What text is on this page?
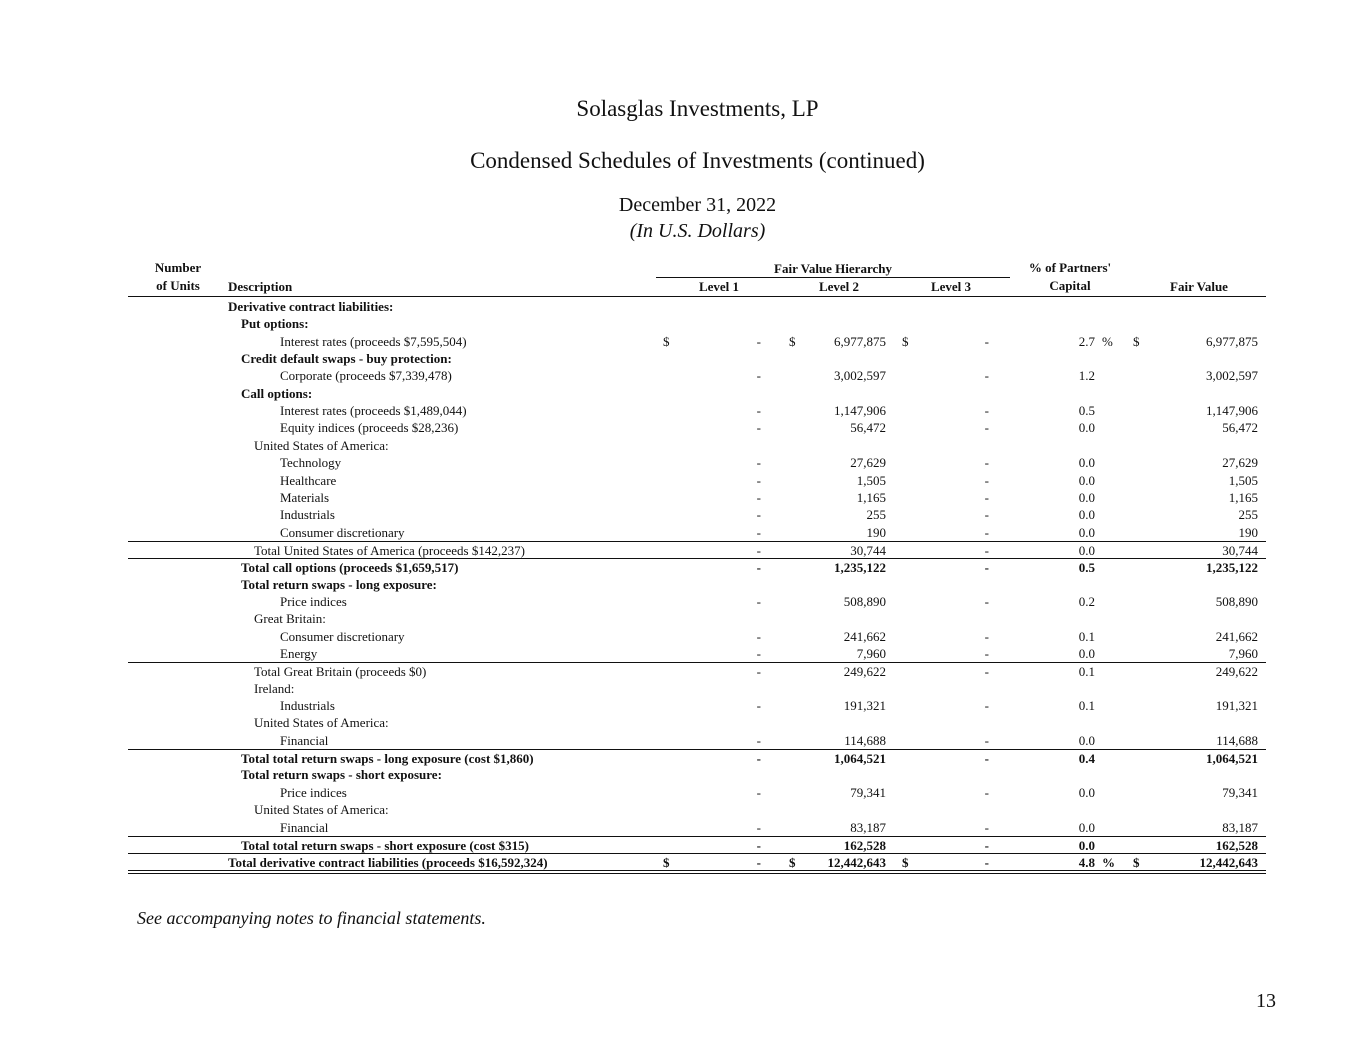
Solasglas Investments, LP
Condensed Schedules of Investments (continued)
December 31, 2022
(In U.S. Dollars)
Number
of Units	Description
Fair Value Hierarchy
Level 1	Level 2	Level 3
% of Partners'
Capital	Fair Value
Derivative contract liabilities:
Put options:
Interest rates (proceeds $7,595,504)	$	- $	6,977,875 $	-	2.7 % $	6,977,875
Credit default swaps - buy protection:
Corporate (proceeds $7,339,478)	-	3,002,597	-	1.2	3,002,597
Call options:
Interest rates (proceeds $1,489,044)	-	1,147,906	-	0.5	1,147,906
Equity indices (proceeds $28,236)	-	56,472	-	0.0	56,472
United States of America:
Technology	-	27,629	-	0.0	27,629
Healthcare	-	1,505	-	0.0	1,505
Materials	-	1,165	-	0.0	1,165
Industrials	-	255	-	0.0	255
Consumer discretionary	-	190	-	0.0	190
Total United States of America (proceeds $142,237)	-	30,744	-	0.0	30,744
Total call options (proceeds $1,659,517)	-	1,235,122	-	0.5	1,235,122
Total return swaps - long exposure:
Price indices	-	508,890	-	0.2	508,890
Great Britain:
Consumer discretionary	-	241,662	-	0.1	241,662
Energy	-	7,960	-	0.0	7,960
Total Great Britain (proceeds $0)	-	249,622	-	0.1	249,622
Ireland:
Industrials	-	191,321	-	0.1	191,321
United States of America:
Financial	-	114,688	-	0.0	114,688
Total total return swaps - long exposure (cost $1,860)	-	1,064,521	-	0.4	1,064,521
Total return swaps - short exposure:
Price indices	-	79,341	-	0.0	79,341
United States of America:
Financial	-	83,187	-	0.0	83,187
Total total return swaps - short exposure (cost $315)	-	162,528	-	0.0	162,528
Total derivative contract liabilities (proceeds $16,592,324)	$	- $	12,442,643 $	-	4.8 % $	12,442,643
See accompanying notes to financial statements.
13
